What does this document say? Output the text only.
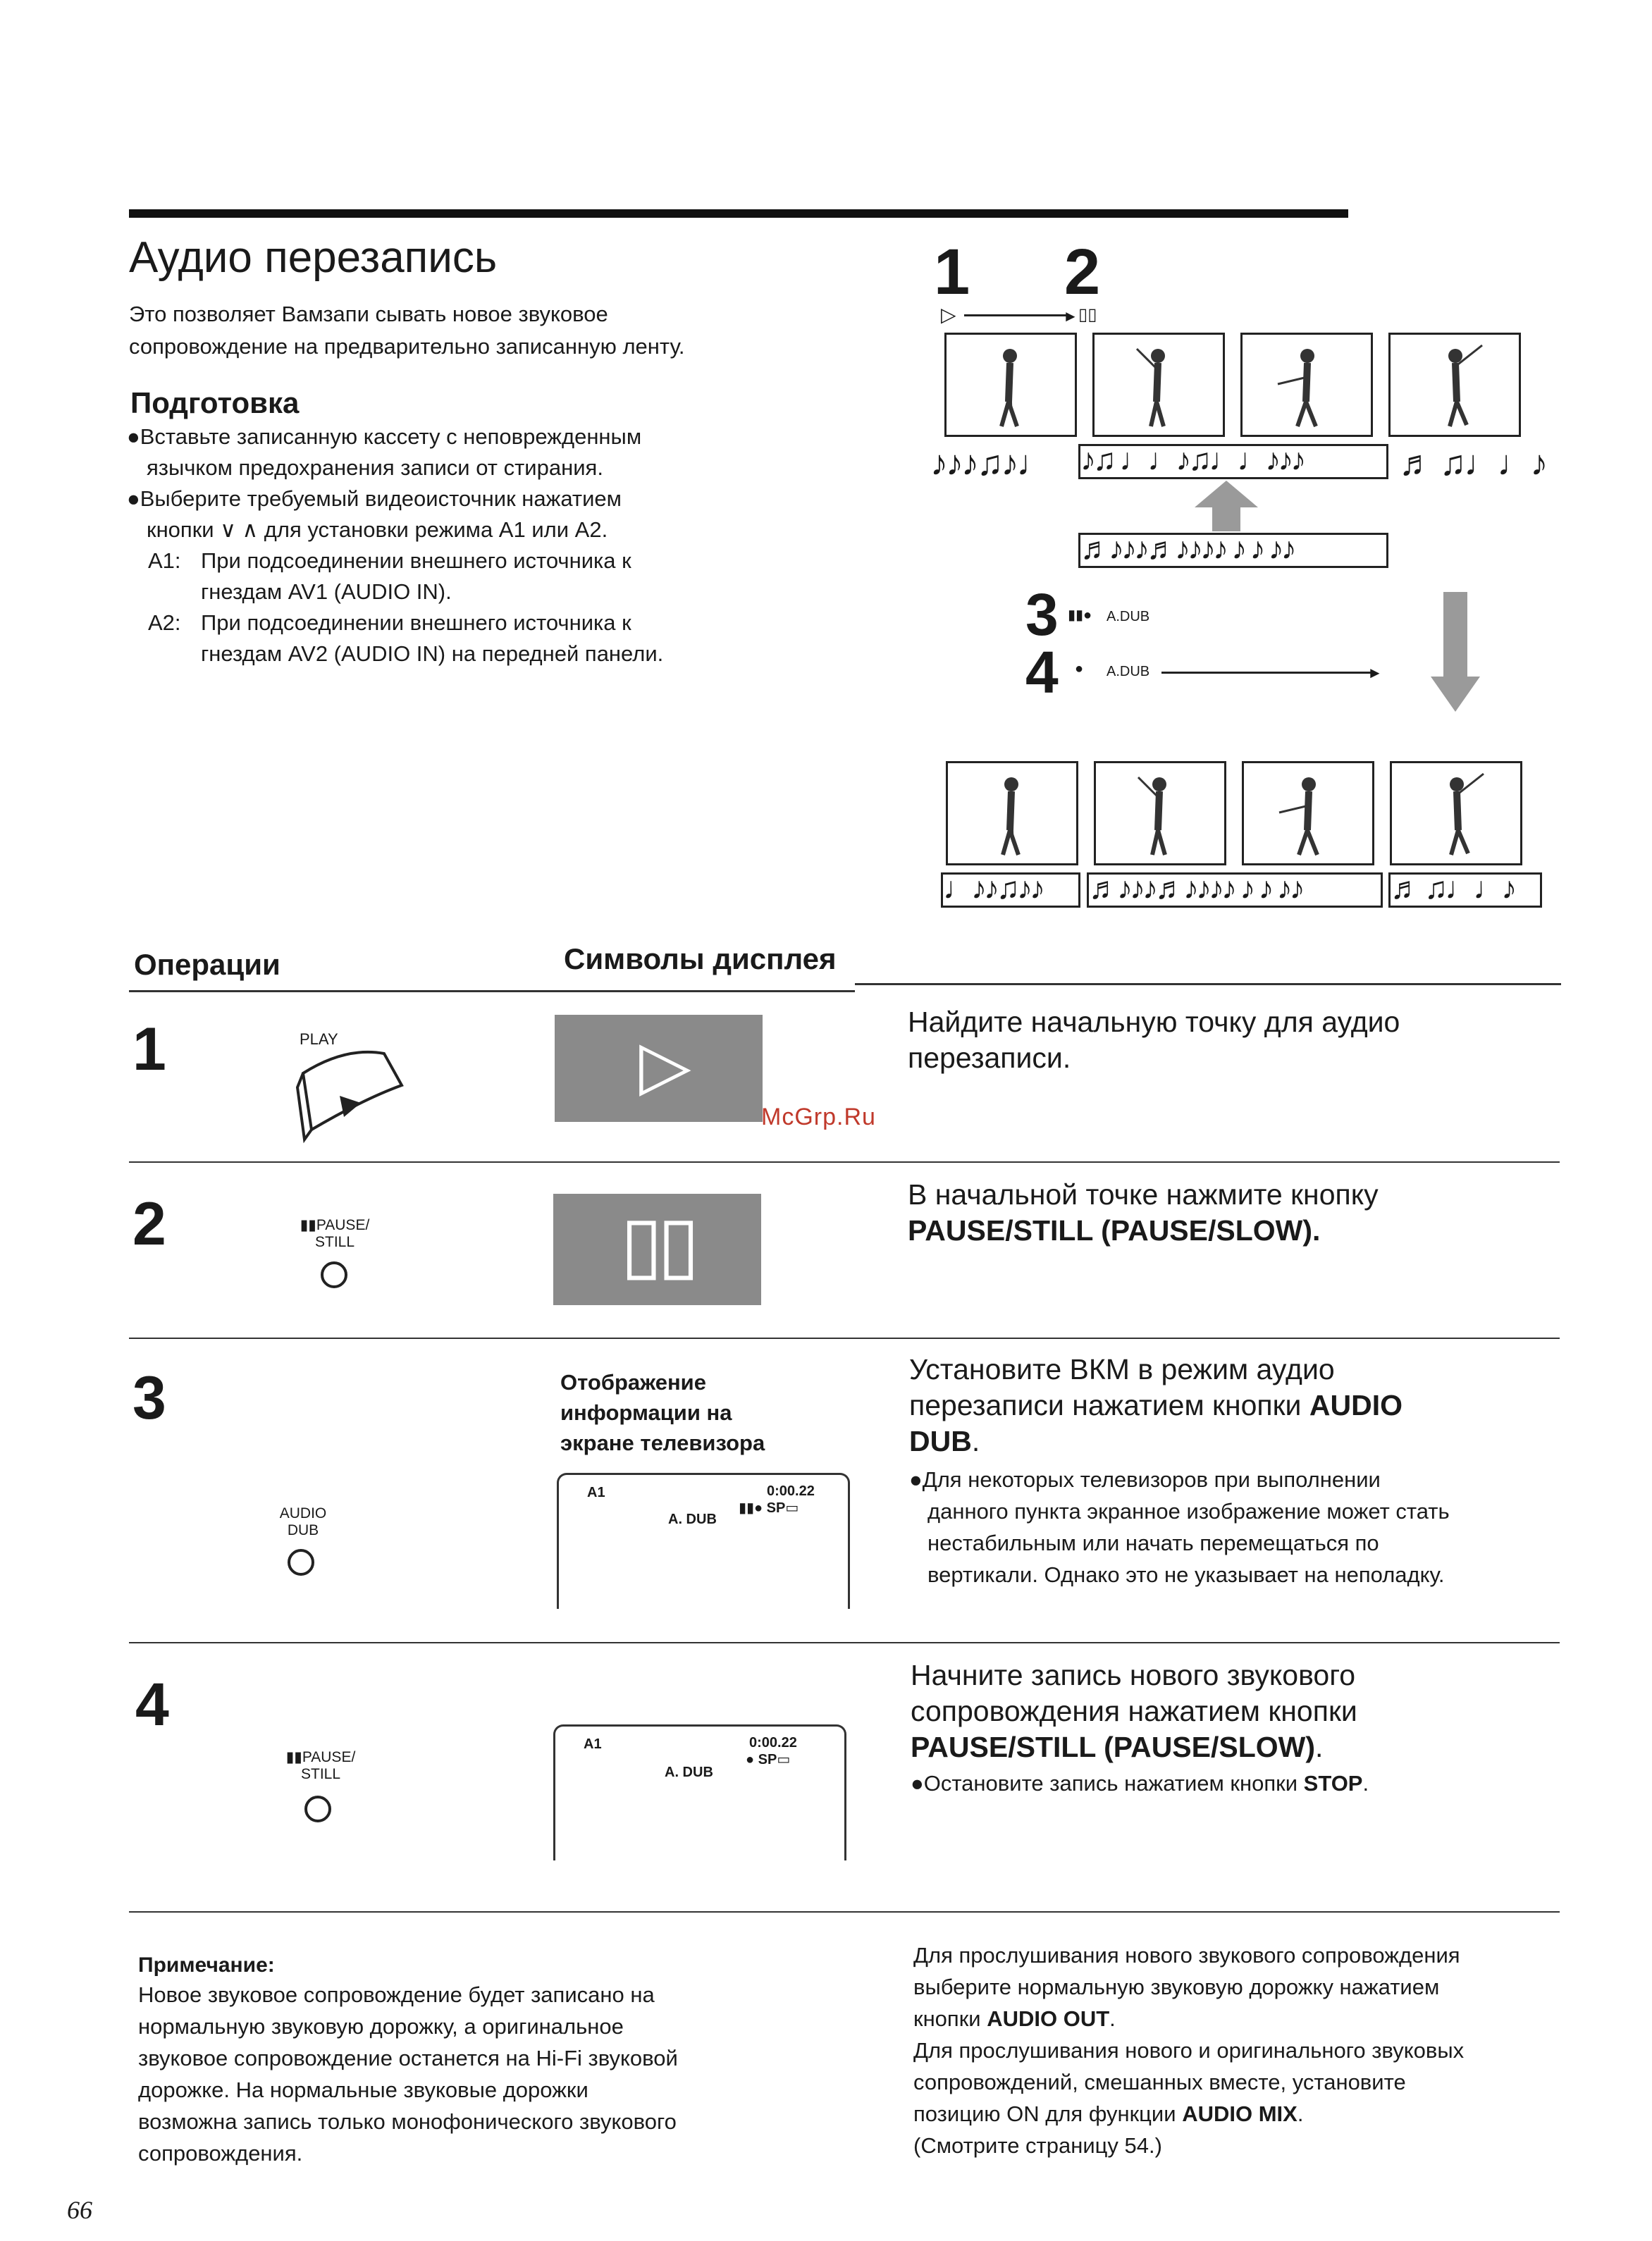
Аудио перезапись
Это позволяет Вамзапи сывать новое звуковое сопровождение на предварительно записанную ленту.
Подготовка

●Вставьте записанную кассету с неповрежденным

язычком предохранения записи от стирания.

●Выберите требуемый видеоисточник нажатием

кнопки ∨ ∧ для установки режима A1 или A2.

A1: При подсоединении внешнего источника к
гнездам AV1 (AUDIO IN).
A2: При подсоединении внешнего источника к
гнездам AV2 (AUDIO IN) на передней панели.
1 2
▷	► ▯▯
♪♪♪♫♪♩ ♪♫ ♩♩♪♫♩♩♪♪♪	♬ ♫♩♩♪
♬♪♪♪♬♪♪♪♪ ♪ ♪ ♪♪
3 ▮▮● A.DUB
4 ● A.DUB	►
♩♪♪♫♪♪	♬♪♪♪♬♪♪♪♪ ♪ ♪ ♪♪	♬ ♫♩♩♪
Операции	Символы дисплея
1	PLAY	▷
McGrp.Ru
Найдите начальную точку для аудио
перезаписи.
2	▮▮PAUSE/
STILL	▯▯
В начальной точке нажмите кнопку
PAUSE/STILL (PAUSE/SLOW).
3	Отображение
информации на
экране телевизора
A1	0:00.22
▮▮● SP▭
A. DUB
AUDIO
DUB
Установите ВКМ в режим аудио
перезаписи нажатием кнопки AUDIO
DUB.
●Для некоторых телевизоров при выполнении
данного пункта экранное изображение может стать
нестабильным или начать перемещаться по
вертикали. Однако это не указывает на неполадку.
4
▮▮PAUSE/
STILL
A1	0:00.22
● SP▭
A. DUB
Начните запись нового звукового
сопровождения нажатием кнопки
PAUSE/STILL (PAUSE/SLOW).
●Остановите запись нажатием кнопки STOP.
Примечание:
Новое звуковое сопровождение будет записано на
нормальную звуковую дорожку, а оригинальное
звуковое сопровождение останется на Hi-Fi звуковой
дорожке. На нормальные звуковые дорожки
возможна запись только монофонического звукового
сопровождения.
Для прослушивания нового звукового сопровождения
выберите нормальную звуковую дорожку нажатием
кнопки AUDIO OUT.
Для прослушивания нового и оригинального звуковых
сопровождений, смешанных вместе, установите
позицию ON для функции AUDIO MIX.
(Смотрите страницу 54.)
66
